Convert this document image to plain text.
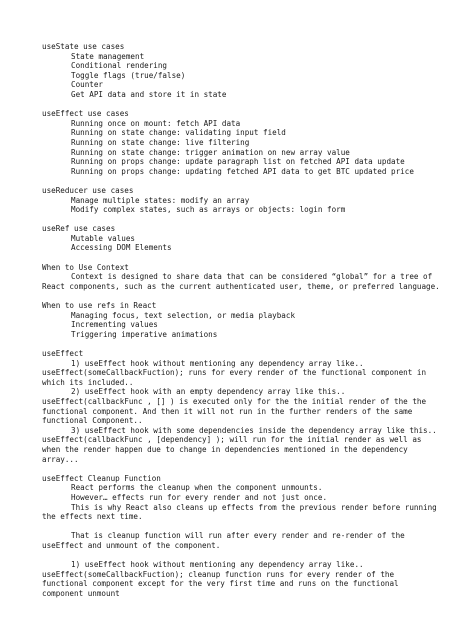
useState use cases
State management
Conditional rendering
Toggle flags (true/false)
Counter
Get API data and store it in state
useEffect use cases
Running once on mount: fetch API data
Running on state change: validating input field
Running on state change: live filtering
Running on state change: trigger animation on new array value
Running on props change: update paragraph list on fetched API data update
Running on props change: updating fetched API data to get BTC updated price
useReducer use cases
Manage multiple states: modify an array
Modify complex states, such as arrays or objects: login form
useRef use cases
Mutable values
Accessing DOM Elements
When to Use Context
Context is designed to share data that can be considered “global” for a tree of React components, such as the current authenticated user, theme, or preferred language.
When to use refs in React
Managing focus, text selection, or media playback
Incrementing values
Triggering imperative animations
useEffect
1) useEffect hook without mentioning any dependency array like.. useEffect(someCallbackFuction); runs for every render of the functional component in which its included..
2) useEffect hook with an empty dependency array like this.. useEffect(callbackFunc , [] ) is executed only for the the initial render of the the functional component. And then it will not run in the further renders of the same functional Component..
3) useEffect hook with some dependencies inside the dependency array like this.. useEffect(callbackFunc , [dependency] ); will run for the initial render as well as when the render happen due to change in dependencies mentioned in the dependency array...
useEffect Cleanup Function
React performs the cleanup when the component unmounts.
However… effects run for every render and not just once.
This is why React also cleans up effects from the previous render before running the effects next time.
That is cleanup function will run after every render and re-render of the useEffect and unmount of the component.
1) useEffect hook without mentioning any dependency array like.. useEffect(someCallbackFuction); cleanup function runs for every render of the functional component except for the very first time and runs on the functional component unmount
